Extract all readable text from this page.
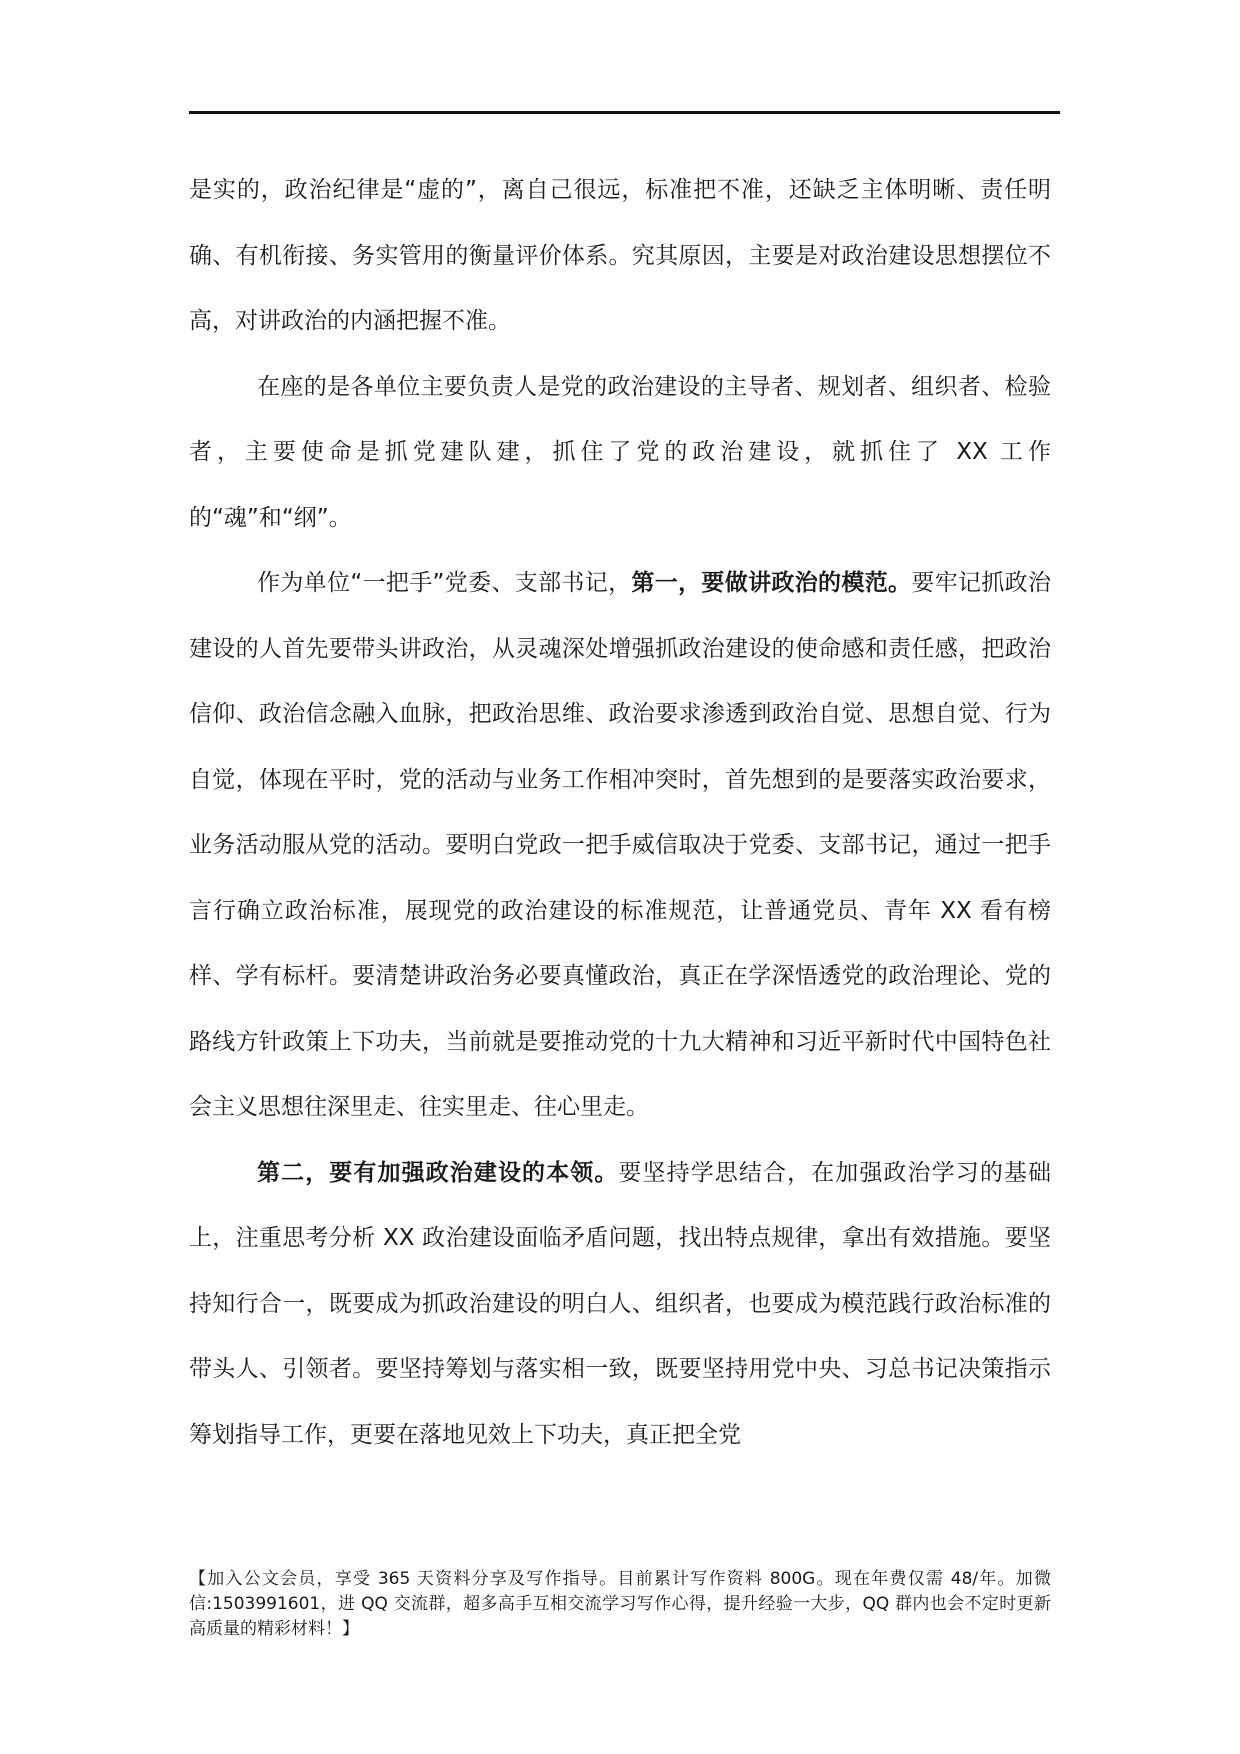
是实的，政治纪律是“虚的”，离自己很远，标准把不准，还缺乏主体明晰、责任明确、有机衔接、务实管用的衡量评价体系。究其原因，主要是对政治建设思想摆位不高，对讲政治的内涵把握不准。

在座的是各单位主要负责人是党的政治建设的主导者、规划者、组织者、检验者，主要使命是抓党建队建，抓住了党的政治建设，就抓住了 XX 工作的“魂”和“纲”。

作为单位“一把手”党委、支部书记，第一，要做讲政治的模范。要牢记抓政治建设的人首先要带头讲政治，从灵魂深处增强抓政治建设的使命感和责任感，把政治信仰、政治信念融入血脉，把政治思维、政治要求渗透到政治自觉、思想自觉、行为自觉，体现在平时，党的活动与业务工作相冲突时，首先想到的是要落实政治要求，业务活动服从党的活动。要明白党政一把手威信取决于党委、支部书记，通过一把手言行确立政治标准，展现党的政治建设的标准规范，让普通党员、青年 XX 看有榜样、学有标杆。要清楚讲政治务必要真懂政治，真正在学深悟透党的政治理论、党的路线方针政策上下功夫，当前就是要推动党的十九大精神和习近平新时代中国特色社会主义思想往深里走、往实里走、往心里走。

第二，要有加强政治建设的本领。要坚持学思结合，在加强政治学习的基础上，注重思考分析 XX 政治建设面临矛盾问题，找出特点规律，拿出有效措施。要坚持知行合一，既要成为抓政治建设的明白人、组织者，也要成为模范践行政治标准的带头人、引领者。要坚持筹划与落实相一致，既要坚持用党中央、习总书记决策指示筹划指导工作，更要在落地见效上下功夫，真正把全党

【加入公文会员，享受 365 天资料分享及写作指导。目前累计写作资料 800G。现在年费仅需 48/年。加微信:1503991601，进 QQ 交流群，超多高手互相交流学习写作心得，提升经验一大步，QQ 群内也会不定时更新高质量的精彩材料！】
